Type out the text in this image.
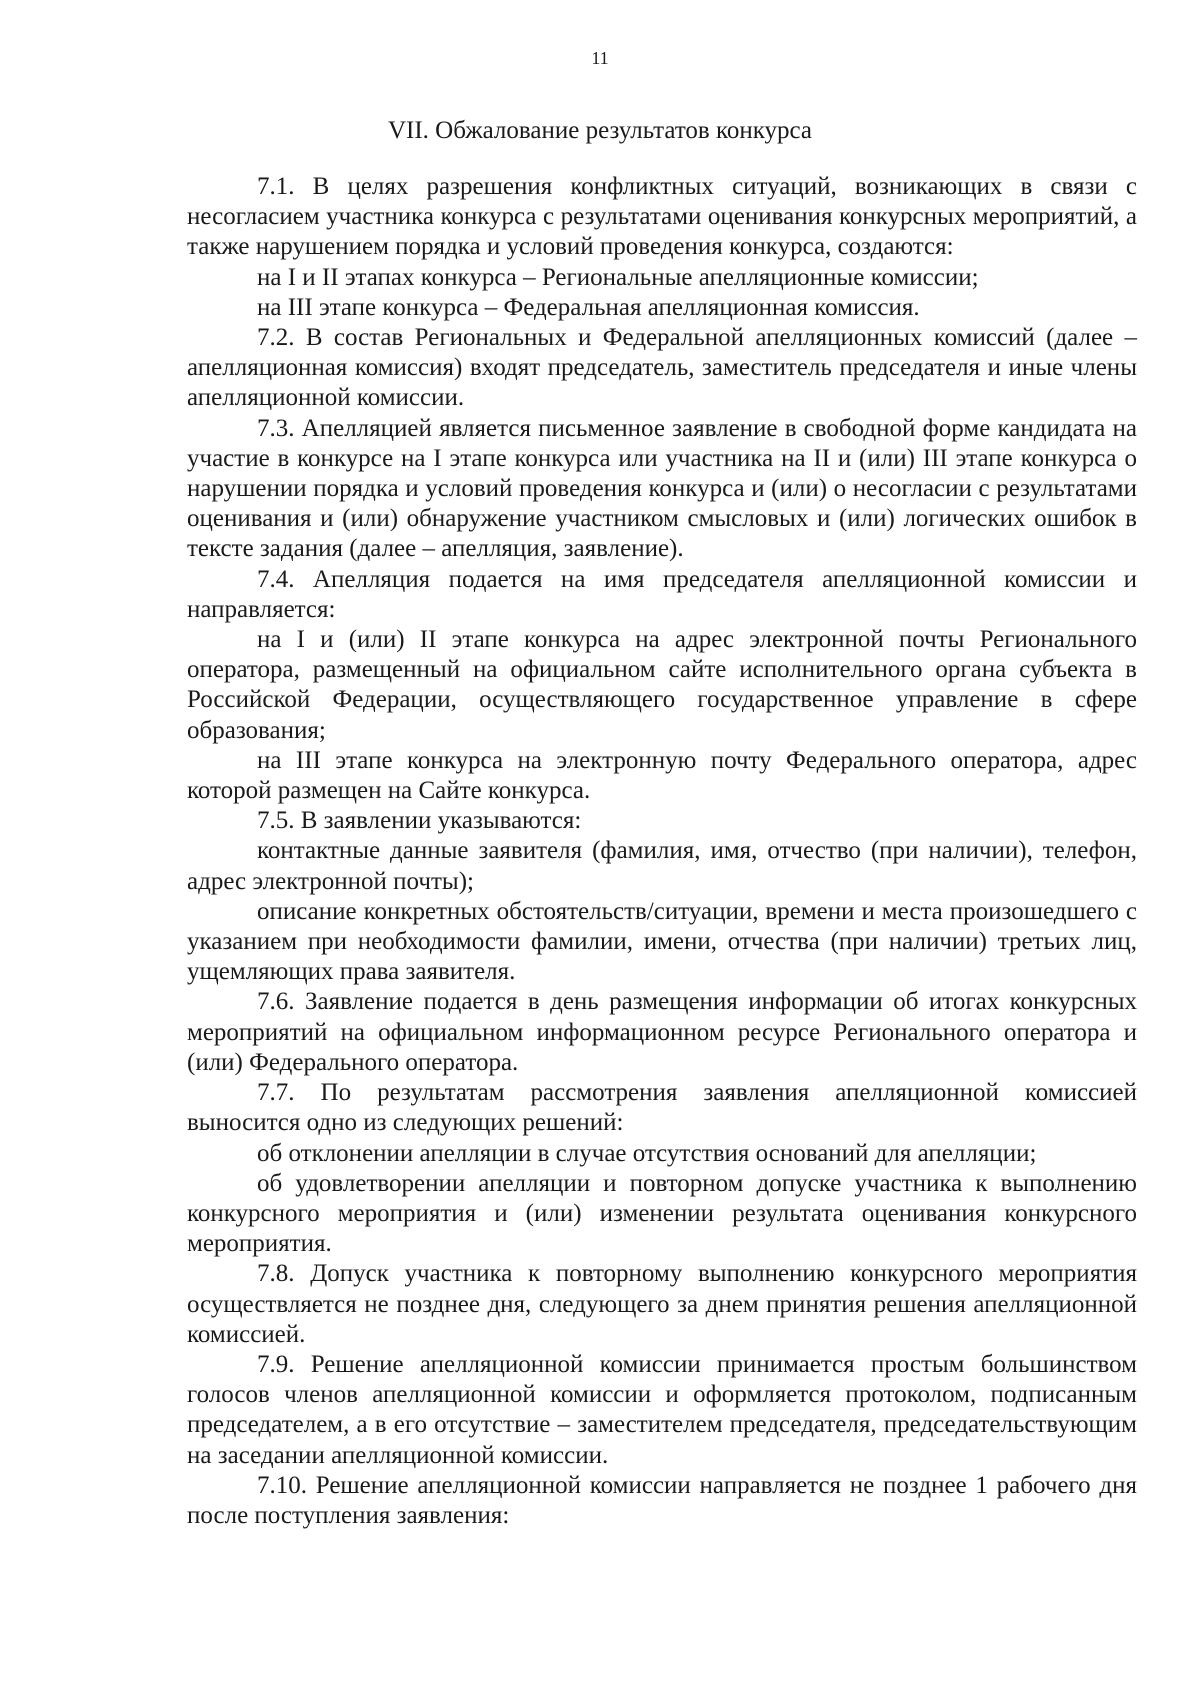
11
VII. Обжалование результатов конкурса

7.1. В целях разрешения конфликтных ситуаций, возникающих в связи с несогласием участника конкурса с результатами оценивания конкурсных мероприятий, а также нарушением порядка и условий проведения конкурса, создаются:

на I и II этапах конкурса – Региональные апелляционные комиссии;

на III этапе конкурса – Федеральная апелляционная комиссия.

7.2. В состав Региональных и Федеральной апелляционных комиссий (далее – апелляционная комиссия) входят председатель, заместитель председателя и иные члены апелляционной комиссии.

7.3. Апелляцией является письменное заявление в свободной форме кандидата на участие в конкурсе на I этапе конкурса или участника на II и (или) III этапе конкурса о нарушении порядка и условий проведения конкурса и (или) о несогласии с результатами оценивания и (или) обнаружение участником смысловых и (или) логических ошибок в тексте задания (далее – апелляция, заявление).

7.4. Апелляция подается на имя председателя апелляционной комиссии и направляется:

на I и (или) II этапе конкурса на адрес электронной почты Регионального оператора, размещенный на официальном сайте исполнительного органа субъекта в Российской Федерации, осуществляющего государственное управление в сфере образования;

на III этапе конкурса на электронную почту Федерального оператора, адрес которой размещен на Сайте конкурса.

7.5. В заявлении указываются:

контактные данные заявителя (фамилия, имя, отчество (при наличии), телефон, адрес электронной почты);

описание конкретных обстоятельств/ситуации, времени и места произошедшего с указанием при необходимости фамилии, имени, отчества (при наличии) третьих лиц, ущемляющих права заявителя.

7.6. Заявление подается в день размещения информации об итогах конкурсных мероприятий на официальном информационном ресурсе Регионального оператора и (или) Федерального оператора.

7.7. По результатам рассмотрения заявления апелляционной комиссией выносится одно из следующих решений:

об отклонении апелляции в случае отсутствия оснований для апелляции;

об удовлетворении апелляции и повторном допуске участника к выполнению конкурсного мероприятия и (или) изменении результата оценивания конкурсного мероприятия.

7.8. Допуск участника к повторному выполнению конкурсного мероприятия осуществляется не позднее дня, следующего за днем принятия решения апелляционной комиссией.

7.9. Решение апелляционной комиссии принимается простым большинством голосов членов апелляционной комиссии и оформляется протоколом, подписанным председателем, а в его отсутствие – заместителем председателя, председательствующим на заседании апелляционной комиссии.

7.10. Решение апелляционной комиссии направляется не позднее 1 рабочего дня после поступления заявления:
